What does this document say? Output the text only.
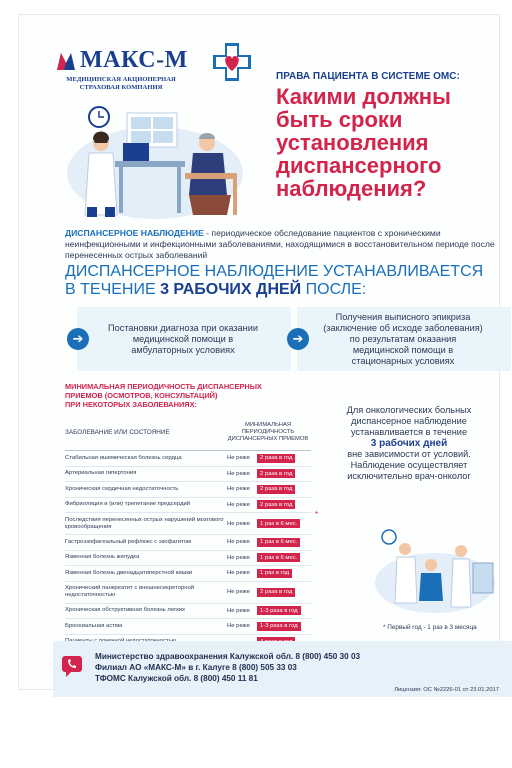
МАКС-М
МЕДИЦИНСКАЯ АКЦИОНЕРНАЯ
СТРАХОВАЯ КОМПАНИЯ
ПРАВА ПАЦИЕНТА В СИСТЕМЕ ОМС:
Какими должны быть сроки установления диспансерного наблюдения?
ДИСПАНСЕРНОЕ НАБЛЮДЕНИЕ - периодическое обследование пациентов с хроническими неинфекционными и инфекционными заболеваниями, находящимися в восстановительном периоде после перенесенных острых заболеваний
ДИСПАНСЕРНОЕ НАБЛЮДЕНИЕ УСТАНАВЛИВАЕТСЯ
В ТЕЧЕНИЕ 3 РАБОЧИХ ДНЕЙ ПОСЛЕ:
➔
Постановки диагноза при оказании медицинской помощи в амбулаторных условиях
➔
Получения выписного эпикриза (заключение об исходе заболевания) по результатам оказания медицинской помощи в стационарных условиях
МИНИМАЛЬНАЯ ПЕРИОДИЧНОСТЬ ДИСПАНСЕРНЫХ
ПРИЕМОВ (ОСМОТРОВ, КОНСУЛЬТАЦИЙ)
ПРИ НЕКОТОРЫХ ЗАБОЛЕВАНИЯХ:
ЗАБОЛЕВАНИЕ ИЛИ СОСТОЯНИЕ
МИНИМАЛЬНАЯ ПЕРИОДИЧНОСТЬ ДИСПАНСЕРНЫХ ПРИЕМОВ
Стабильная ишемическая болезнь сердца	Не реже	2 раза в год
Артериальная гипертония	Не реже	2 раза в год
Хроническая сердечная недостаточность	Не реже	2 раза в год
Фибрилляция и (или) трепетание предсердий	Не реже	2 раза в год
Последствия перенесенных острых нарушений мозгового кровообращения	Не реже	1 раз в 6 мес.
Гастроэзофагеальный рефлюкс с эзофагитом	Не реже	1 раз в 6 мес.
Язвенная болезнь желудка	Не реже	1 раз в 6 мес.
Язвенная болезнь двенадцатиперстной кишки	Не реже	1 раз в год
Хронический панкреатит с внешнесекреторной недостаточностью	Не реже	2 раза в год
Хроническая обструктивная болезнь легких	Не реже	1-3 раза в год
Бронхиальная астма	Не реже	1-3 раза в год
*
Для онкологических больных диспансерное наблюдение устанавливается в течение
3 рабочих дней
вне зависимости от условий. Наблюдение осуществляет исключительно врач-онколог
* Первый год - 1 раз в 3 месяца
Министерство здравоохранения Калужской обл. 8 (800) 450 30 03
Филиал АО «МАКС-М» в г. Калуге 8 (800) 505 33 03
ТФОМС Калужской обл. 8 (800) 450 11 81
Лицензия: ОС №2226-01 от 23.01.2017
